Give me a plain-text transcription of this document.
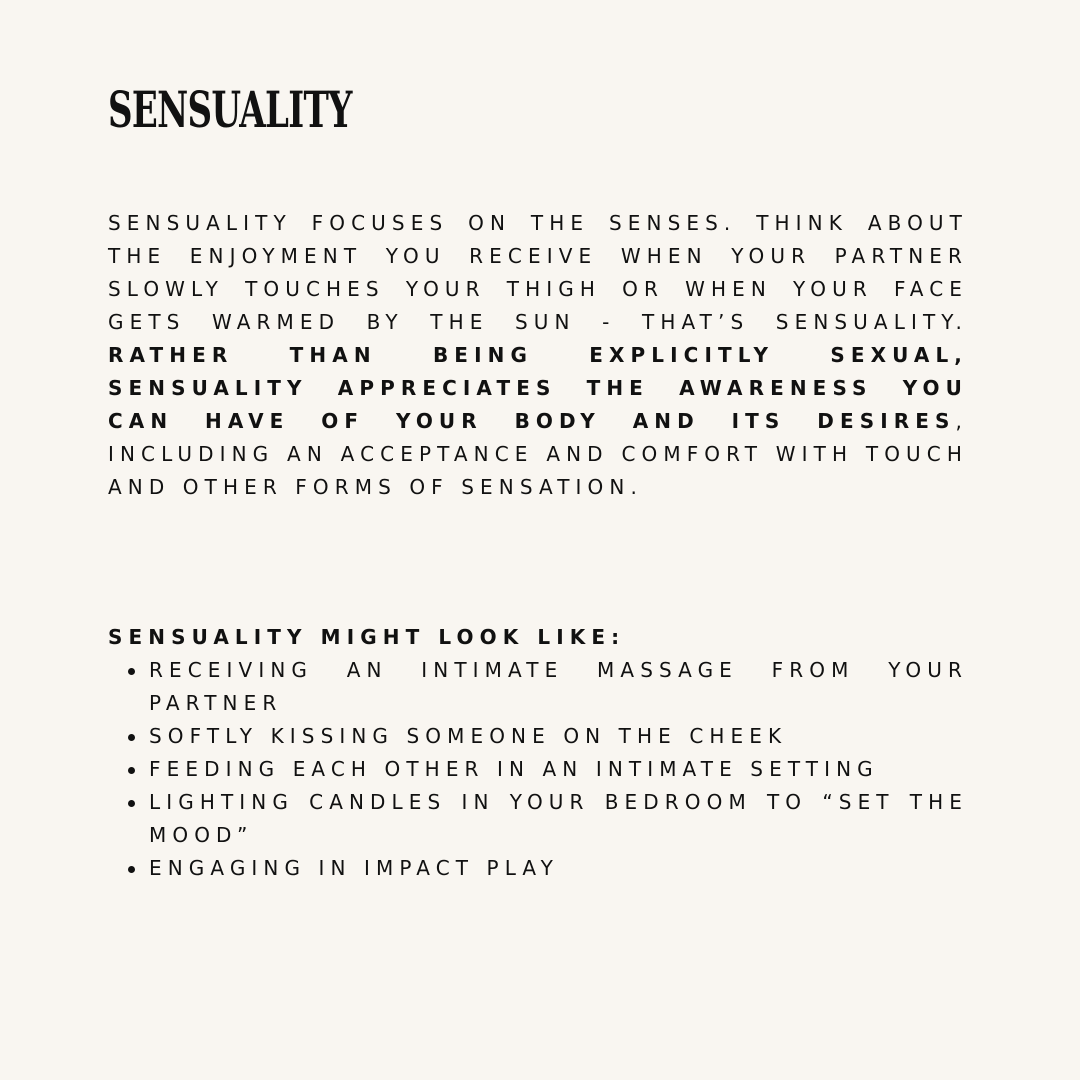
SENSUALITY

SENSUALITY FOCUSES ON THE SENSES. THINK ABOUT THE ENJOYMENT YOU RECEIVE WHEN YOUR PARTNER SLOWLY TOUCHES YOUR THIGH OR WHEN YOUR FACE GETS WARMED BY THE SUN - THAT’S SENSUALITY. RATHER THAN BEING EXPLICITLY SEXUAL, SENSUALITY APPRECIATES THE AWARENESS YOU CAN HAVE OF YOUR BODY AND ITS DESIRES, INCLUDING AN ACCEPTANCE AND COMFORT WITH TOUCH AND OTHER FORMS OF SENSATION.

SENSUALITY MIGHT LOOK LIKE:

RECEIVING AN INTIMATE MASSAGE FROM YOUR PARTNER
SOFTLY KISSING SOMEONE ON THE CHEEK
FEEDING EACH OTHER IN AN INTIMATE SETTING
LIGHTING CANDLES IN YOUR BEDROOM TO “SET THE MOOD”
ENGAGING IN IMPACT PLAY
